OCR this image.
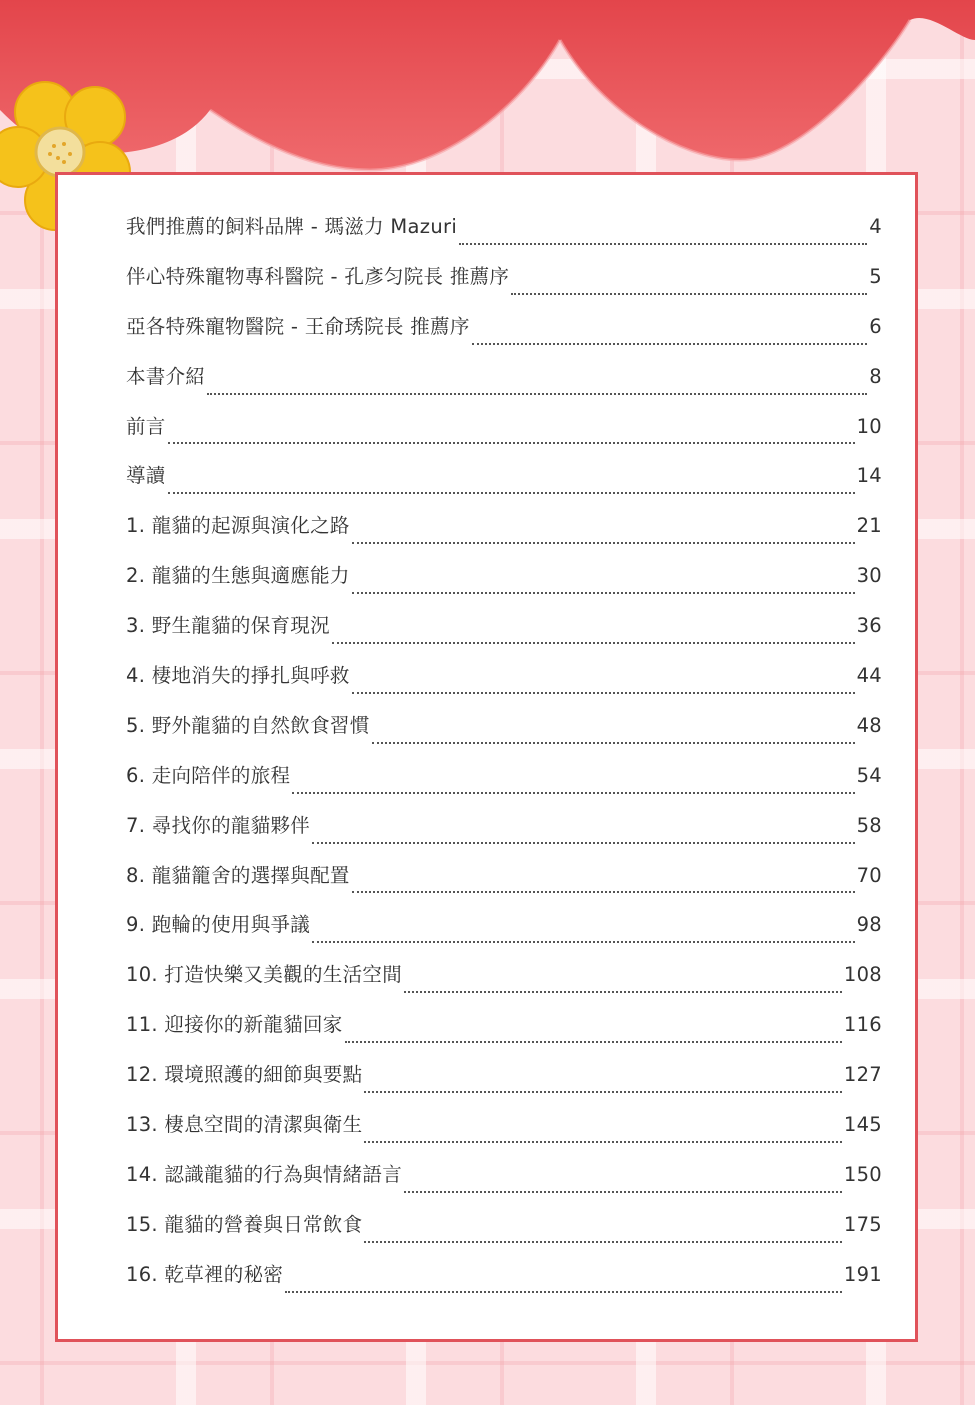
我們推薦的飼料品牌 - 瑪滋力 Mazuri	4
伴心特殊寵物專科醫院 - 孔彥匀院長 推薦序	5
亞各特殊寵物醫院 - 王俞琇院長 推薦序	6
本書介紹	8
前言	10
導讀	14
1. 龍貓的起源與演化之路	21
2. 龍貓的生態與適應能力	30
3. 野生龍貓的保育現況	36
4. 棲地消失的掙扎與呼救	44
5. 野外龍貓的自然飲食習慣	48
6. 走向陪伴的旅程	54
7. 尋找你的龍貓夥伴	58
8. 龍貓籠舍的選擇與配置	70
9. 跑輪的使用與爭議	98
10. 打造快樂又美觀的生活空間	108
11. 迎接你的新龍貓回家	116
12. 環境照護的細節與要點	127
13. 棲息空間的清潔與衛生	145
14. 認識龍貓的行為與情緒語言	150
15. 龍貓的營養與日常飲食	175
16. 乾草裡的秘密	191
